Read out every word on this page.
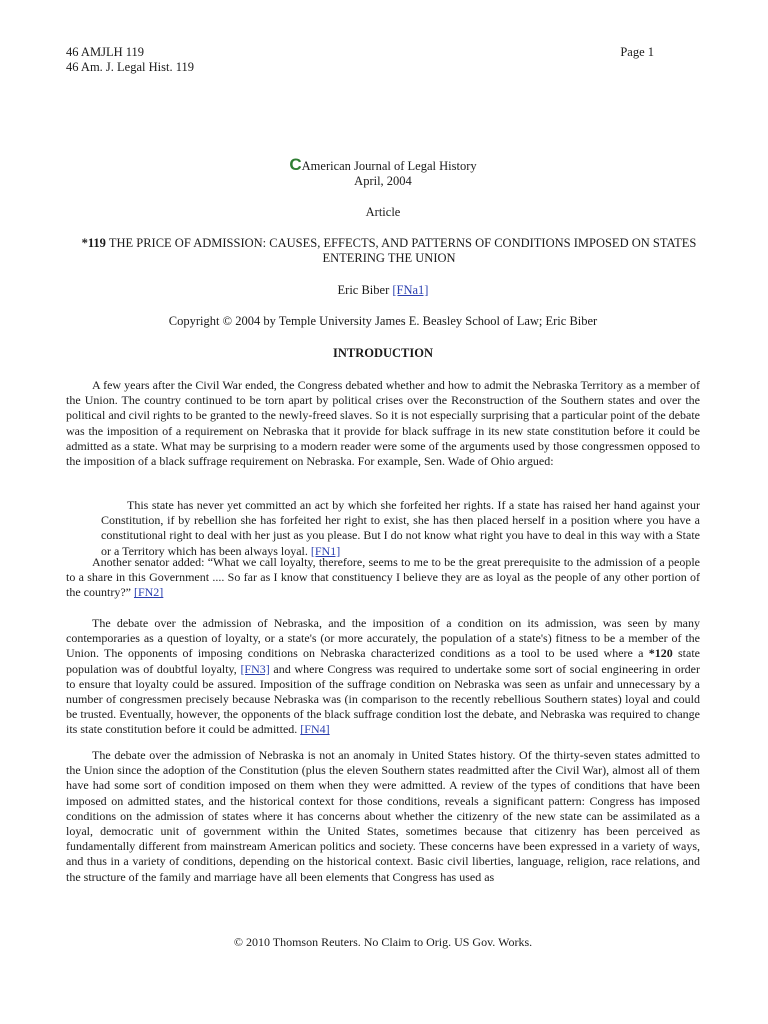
46 AMJLH 119
46 Am. J. Legal Hist. 119
Page 1
CAmerican Journal of Legal History
April, 2004
Article
*119 THE PRICE OF ADMISSION: CAUSES, EFFECTS, AND PATTERNS OF CONDITIONS IMPOSED ON STATES ENTERING THE UNION
Eric Biber [FNa1]
Copyright © 2004 by Temple University James E. Beasley School of Law; Eric Biber
INTRODUCTION
A few years after the Civil War ended, the Congress debated whether and how to admit the Nebraska Territory as a member of the Union. The country continued to be torn apart by political crises over the Reconstruction of the Southern states and over the political and civil rights to be granted to the newly-freed slaves. So it is not especially surprising that a particular point of the debate was the imposition of a requirement on Nebraska that it provide for black suffrage in its new state constitution before it could be admitted as a state. What may be surprising to a modern reader were some of the arguments used by those congressmen opposed to the imposition of a black suffrage requirement on Nebraska. For example, Sen. Wade of Ohio argued:
This state has never yet committed an act by which she forfeited her rights. If a state has raised her hand against your Constitution, if by rebellion she has forfeited her right to exist, she has then placed herself in a position where you have a constitutional right to deal with her just as you please. But I do not know what right you have to deal in this way with a State or a Territory which has been always loyal. [FN1]
Another senator added: “What we call loyalty, therefore, seems to me to be the great prerequisite to the admission of a people to a share in this Government .... So far as I know that constituency I believe they are as loyal as the people of any other portion of the country?” [FN2]
The debate over the admission of Nebraska, and the imposition of a condition on its admission, was seen by many contemporaries as a question of loyalty, or a state's (or more accurately, the population of a state's) fitness to be a member of the Union. The opponents of imposing conditions on Nebraska characterized conditions as a tool to be used where a *120 state population was of doubtful loyalty, [FN3] and where Congress was required to undertake some sort of social engineering in order to ensure that loyalty could be assured. Imposition of the suffrage condition on Nebraska was seen as unfair and unnecessary by a number of congressmen precisely because Nebraska was (in comparison to the recently rebellious Southern states) loyal and could be trusted. Eventually, however, the opponents of the black suffrage condition lost the debate, and Nebraska was required to change its state constitution before it could be admitted. [FN4]
The debate over the admission of Nebraska is not an anomaly in United States history. Of the thirty-seven states admitted to the Union since the adoption of the Constitution (plus the eleven Southern states readmitted after the Civil War), almost all of them have had some sort of condition imposed on them when they were admitted. A review of the types of conditions that have been imposed on admitted states, and the historical context for those conditions, reveals a significant pattern: Congress has imposed conditions on the admission of states where it has concerns about whether the citizenry of the new state can be assimilated as a loyal, democratic unit of government within the United States, sometimes because that citizenry has been perceived as fundamentally different from mainstream American politics and society. These concerns have been expressed in a variety of ways, and thus in a variety of conditions, depending on the historical context. Basic civil liberties, language, religion, race relations, and the structure of the family and marriage have all been elements that Congress has used as
© 2010 Thomson Reuters. No Claim to Orig. US Gov. Works.
